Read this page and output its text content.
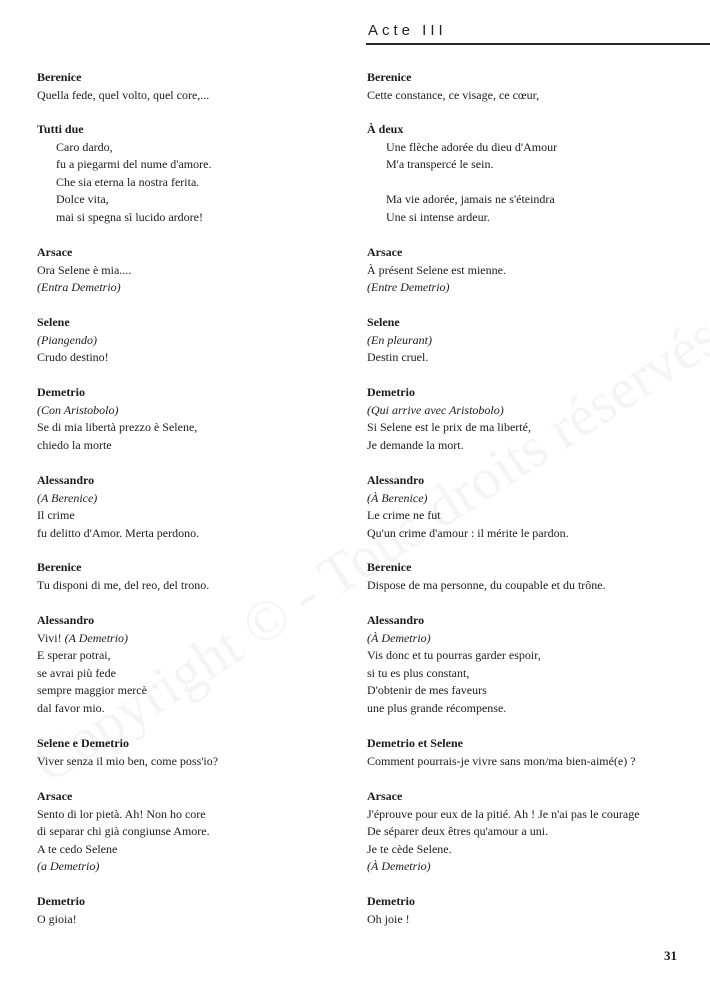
Acte III
Berenice
Quella fede, quel volto, quel core,...
Tutti due
Caro dardo,
fu a piegarmi del nume d'amore.
Che sia eterna la nostra ferita.
Dolce vita,
mai si spegna sì lucido ardore!
Arsace
Ora Selene è mia....
(Entra Demetrio)
Selene
(Piangendo)
Crudo destino!
Demetrio
(Con Aristobolo)
Se di mia libertà prezzo è Selene,
chiedo la morte
Alessandro
(A Berenice)
Il crime
fu delitto d'Amor. Merta perdono.
Berenice
Tu disponi di me, del reo, del trono.
Alessandro
Vivi! (A Demetrio)
E sperar potrai,
se avrai più fede
sempre maggior mercè
dal favor mio.
Selene e Demetrio
Viver senza il mio ben, come poss'io?
Arsace
Sento di lor pietà. Ah! Non ho core
di separar chi già congiunse Amore.
A te cedo Selene
(a Demetrio)
Demetrio
O gioia!
Berenice
Cette constance, ce visage, ce cœur,
À deux
Une flèche adorée du dieu d'Amour
M'a transpercé le sein.
Ma vie adorée, jamais ne s'éteindra
Une si intense ardeur.
Arsace
À présent Selene est mienne.
(Entre Demetrio)
Selene
(En pleurant)
Destin cruel.
Demetrio
(Qui arrive avec Aristobolo)
Si Selene est le prix de ma liberté,
Je demande la mort.
Alessandro
(À Berenice)
Le crime ne fut
Qu'un crime d'amour : il mérite le pardon.
Berenice
Dispose de ma personne, du coupable et du trône.
Alessandro
(À Demetrio)
Vis donc et tu pourras garder espoir,
si tu es plus constant,
D'obtenir de mes faveurs
une plus grande récompense.
Demetrio et Selene
Comment pourrais-je vivre sans mon/ma bien-aimé(e) ?
Arsace
J'éprouve pour eux de la pitié. Ah ! Je n'ai pas le courage
De séparer deux êtres qu'amour a uni.
Je te cède Selene.
(À Demetrio)
Demetrio
Oh joie !
31
